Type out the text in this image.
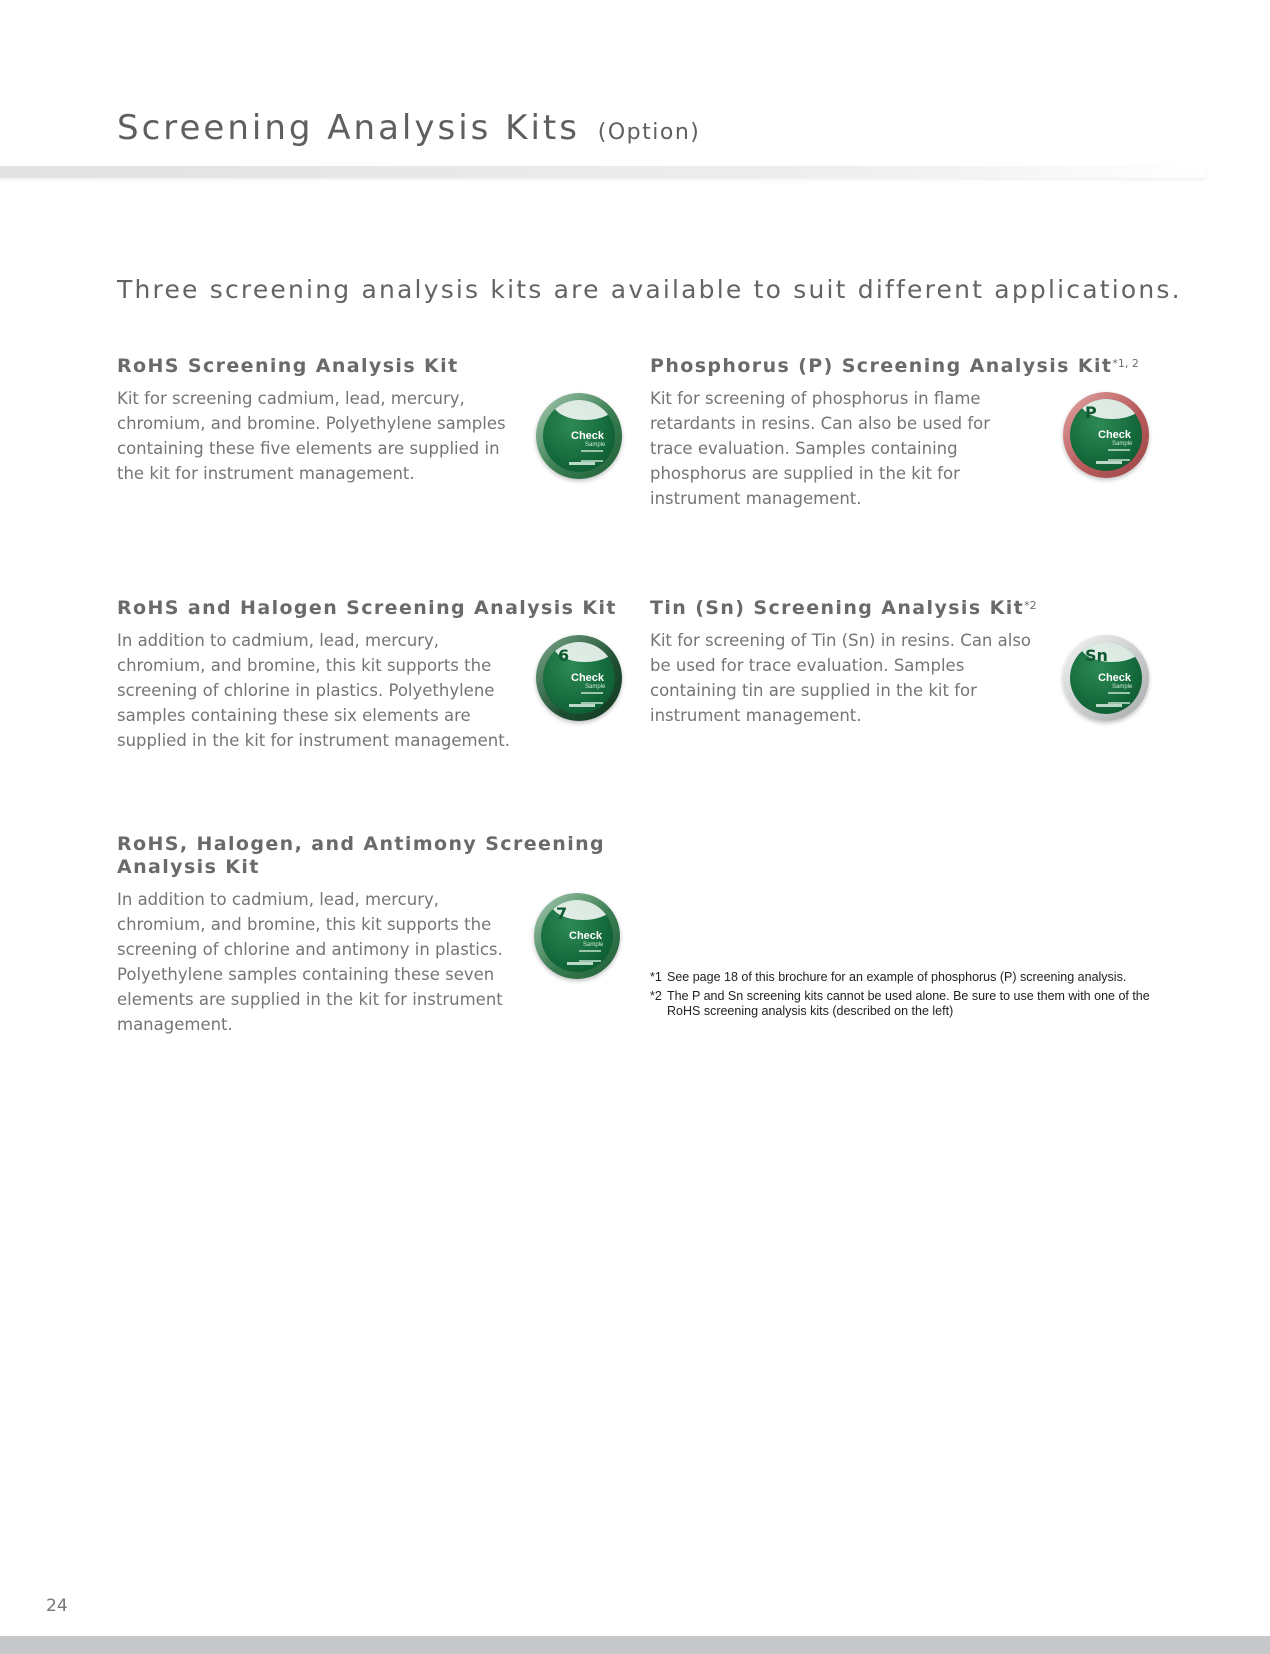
Screening Analysis Kits (Option)
Three screening analysis kits are available to suit different applications.
RoHS Screening Analysis Kit

Kit for screening cadmium, lead, mercury, chromium, and bromine. Polyethylene samples containing these five elements are supplied in the kit for instrument management.

Check
Sample
Phosphorus (P) Screening Analysis Kit$^{*1, 2}$

Kit for screening of phosphorus in flame retardants in resins. Can also be used for trace evaluation. Samples containing phosphorus are supplied in the kit for instrument management.

P
Check
Sample
RoHS and Halogen Screening Analysis Kit

In addition to cadmium, lead, mercury, chromium, and bromine, this kit supports the screening of chlorine in plastics. Polyethylene samples containing these six elements are supplied in the kit for instrument management.

6
Check
Sample
Tin (Sn) Screening Analysis Kit$^{*2}$

Kit for screening of Tin (Sn) in resins. Can also be used for trace evaluation. Samples containing tin are supplied in the kit for instrument management.

Sn
Check
Sample
RoHS, Halogen, and Antimony Screening Analysis Kit

In addition to cadmium, lead, mercury, chromium, and bromine, this kit supports the screening of chlorine and antimony in plastics. Polyethylene samples containing these seven elements are supplied in the kit for instrument management.

7
Check
Sample
*1 See page 18 of this brochure for an example of phosphorus (P) screening analysis.
*2 The P and Sn screening kits cannot be used alone. Be sure to use them with one of the RoHS screening analysis kits (described on the left)
24
